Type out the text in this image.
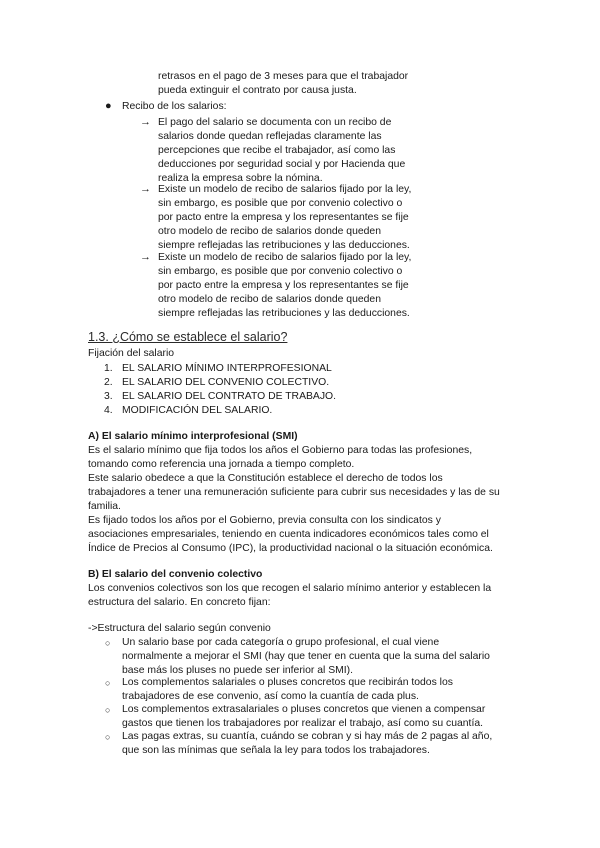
retrasos en el pago de 3 meses para que el trabajador
pueda extinguir el contrato por causa justa.
● Recibo de los salarios:
→ El pago del salario se documenta con un recibo de
salarios donde quedan reflejadas claramente las
percepciones que recibe el trabajador, así como las
deducciones por seguridad social y por Hacienda que
realiza la empresa sobre la nómina.
→ Existe un modelo de recibo de salarios fijado por la ley,
sin embargo, es posible que por convenio colectivo o
por pacto entre la empresa y los representantes se fije
otro modelo de recibo de salarios donde queden
siempre reflejadas las retribuciones y las deducciones.
→ Existe un modelo de recibo de salarios fijado por la ley,
sin embargo, es posible que por convenio colectivo o
por pacto entre la empresa y los representantes se fije
otro modelo de recibo de salarios donde queden
siempre reflejadas las retribuciones y las deducciones.
1.3. ¿Cómo se establece el salario?
Fijación del salario
1. EL SALARIO MÍNIMO INTERPROFESIONAL
2. EL SALARIO DEL CONVENIO COLECTIVO.
3. EL SALARIO DEL CONTRATO DE TRABAJO.
4. MODIFICACIÓN DEL SALARIO.
A) El salario mínimo interprofesional (SMI)
Es el salario mínimo que fija todos los años el Gobierno para todas las profesiones,
tomando como referencia una jornada a tiempo completo.
Este salario obedece a que la Constitución establece el derecho de todos los
trabajadores a tener una remuneración suficiente para cubrir sus necesidades y las de su
familia.
Es fijado todos los años por el Gobierno, previa consulta con los sindicatos y
asociaciones empresariales, teniendo en cuenta indicadores económicos tales como el
Índice de Precios al Consumo (IPC), la productividad nacional o la situación económica.
B) El salario del convenio colectivo
Los convenios colectivos son los que recogen el salario mínimo anterior y establecen la
estructura del salario. En concreto fijan:
->Estructura del salario según convenio
○ Un salario base por cada categoría o grupo profesional, el cual viene
normalmente a mejorar el SMI (hay que tener en cuenta que la suma del salario
base más los pluses no puede ser inferior al SMI).
○ Los complementos salariales o pluses concretos que recibirán todos los
trabajadores de ese convenio, así como la cuantía de cada plus.
○ Los complementos extrasalariales o pluses concretos que vienen a compensar
gastos que tienen los trabajadores por realizar el trabajo, así como su cuantía.
○ Las pagas extras, su cuantía, cuándo se cobran y si hay más de 2 pagas al año,
que son las mínimas que señala la ley para todos los trabajadores.
